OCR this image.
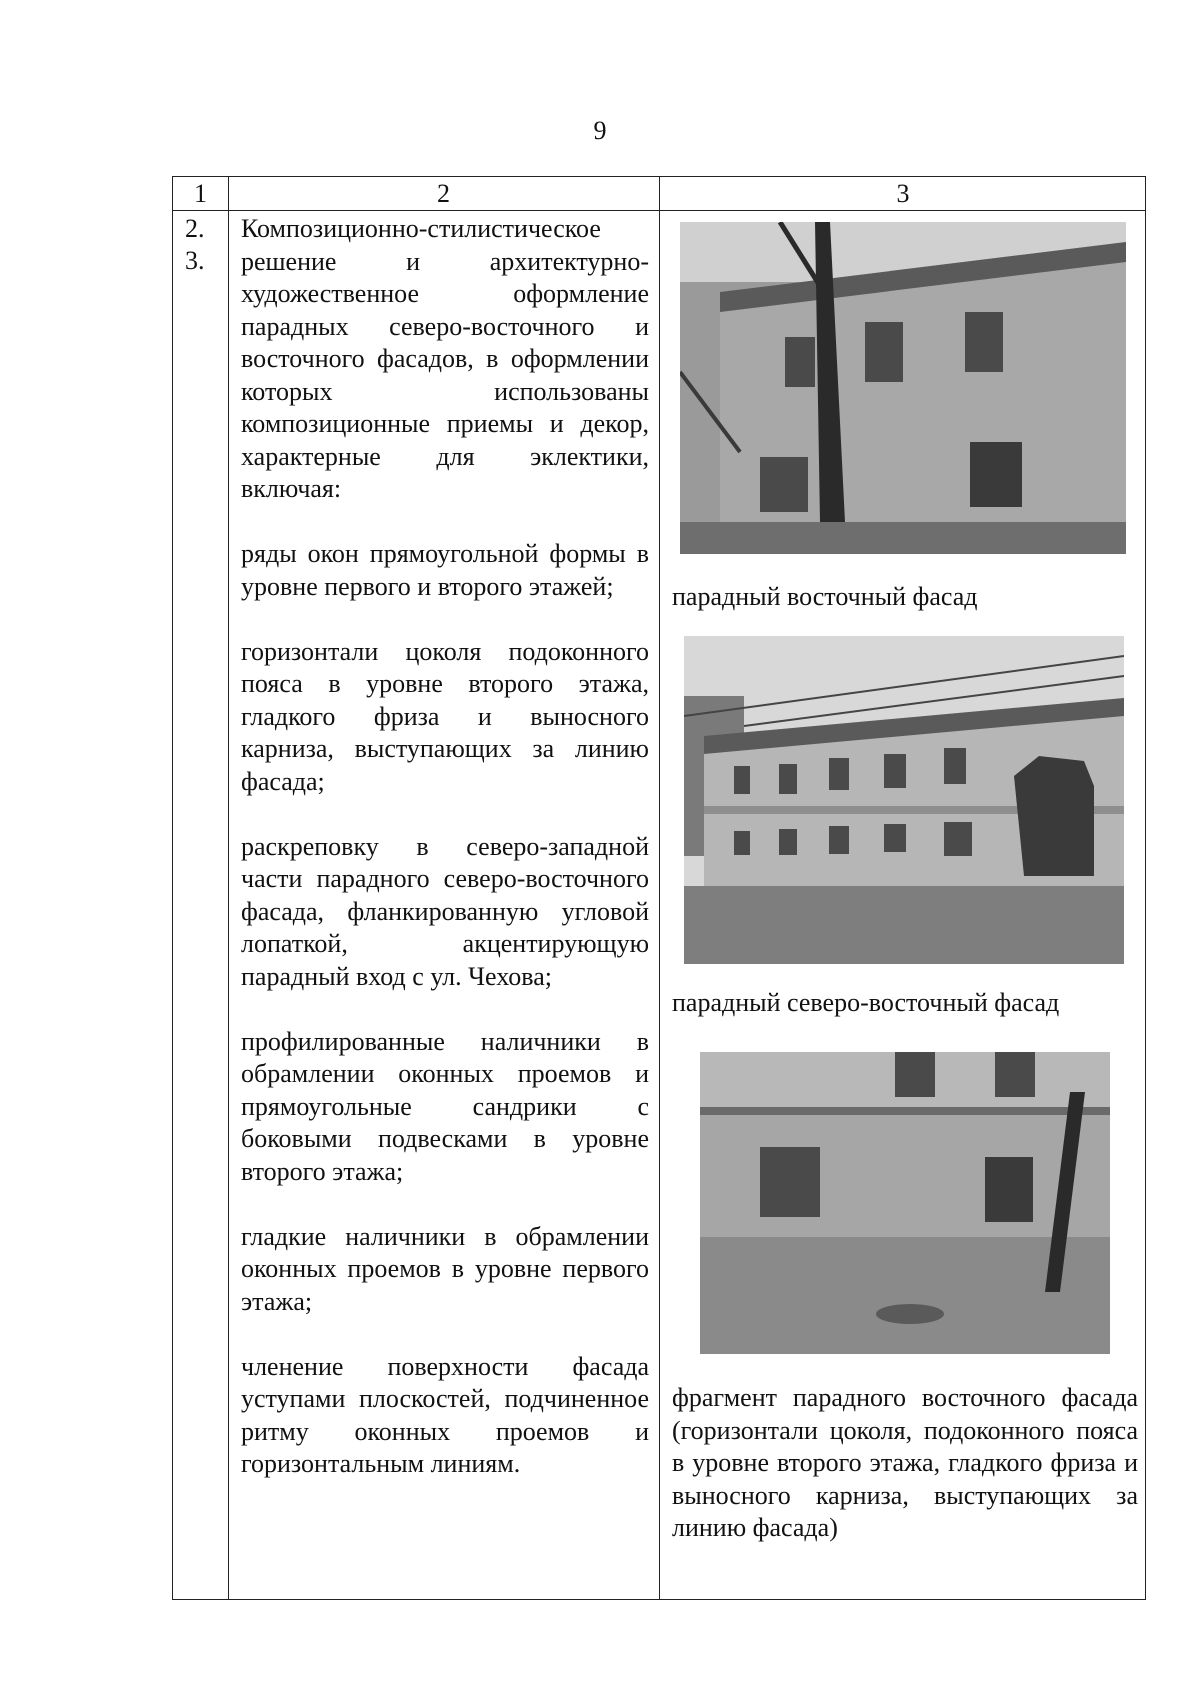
9
1	2	3
2.
3.

Композиционно-стилистическое решение и архитектурно-художественное оформление парадных северо-восточного и восточного фасадов, в оформлении которых использованы композиционные приемы и декор, характерные для эклектики, включая:

ряды окон прямоугольной формы в уровне первого и второго этажей;

горизонтали цоколя подоконного пояса в уровне второго этажа, гладкого фриза и выносного карниза, выступающих за линию фасада;

раскреповку в северо-западной части парадного северо-восточного фасада, фланкированную угловой лопаткой, акцентирующую парадный вход с ул. Чехова;

профилированные наличники в обрамлении оконных проемов и прямоугольные сандрики с боковыми подвесками в уровне второго этажа;

гладкие наличники в обрамлении оконных проемов в уровне первого этажа;

членение поверхности фасада уступами плоскостей, подчиненное ритму оконных проемов и горизонтальным линиям.

парадный восточный фасад
парадный северо-восточный фасад
фрагмент парадного восточного фасада (горизонтали цоколя, подоконного пояса в уровне второго этажа, гладкого фриза и выносного карниза, выступающих за линию фасада)
